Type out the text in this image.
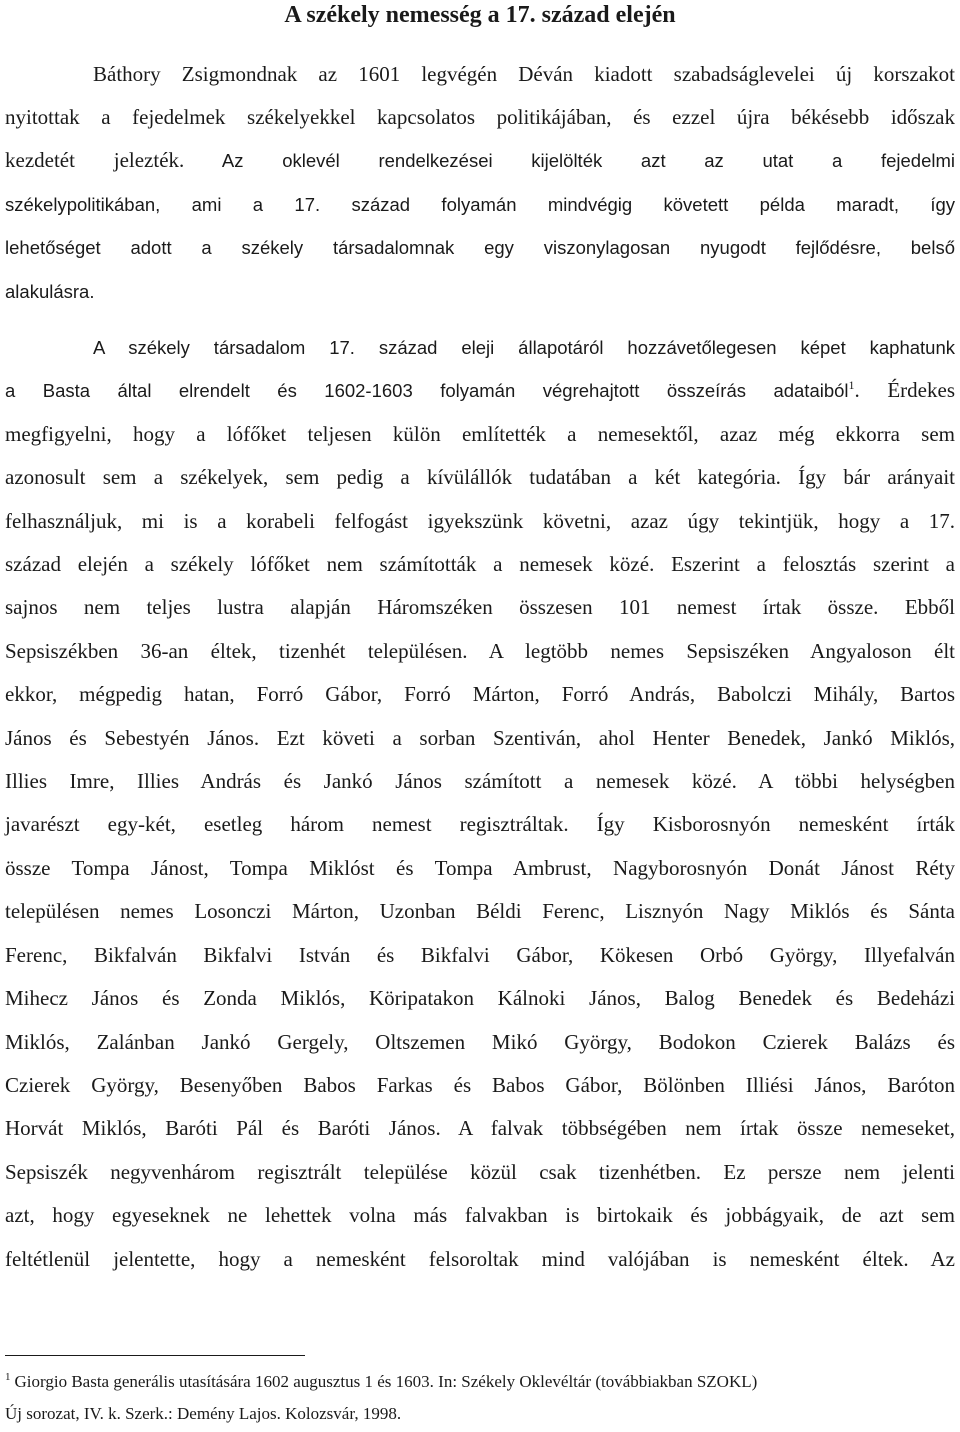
A székely nemesség a 17. század elején
Báthory Zsigmondnak az 1601 legvégén Déván kiadott szabadságlevelei új korszakot
nyitottak a fejedelmek székelyekkel kapcsolatos politikájában, és ezzel újra békésebb időszak
kezdetét jelezték. Az oklevél rendelkezései kijelölték azt az utat a fejedelmi
székelypolitikában, ami a 17. század folyamán mindvégig követett példa maradt, így
lehetőséget adott a székely társadalomnak egy viszonylagosan nyugodt fejlődésre, belső
alakulásra.
A székely társadalom 17. század eleji állapotáról hozzávetőlegesen képet kaphatunk
a Basta által elrendelt és 1602-1603 folyamán végrehajtott összeírás adataiból$^1$. Érdekes
megfigyelni, hogy a lófőket teljesen külön említették a nemesektől, azaz még ekkorra sem
azonosult sem a székelyek, sem pedig a kívülállók tudatában a két kategória. Így bár arányait
felhasználjuk, mi is a korabeli felfogást igyekszünk követni, azaz úgy tekintjük, hogy a 17.
század elején a székely lófőket nem számították a nemesek közé. Eszerint a felosztás szerint a
sajnos nem teljes lustra alapján Háromszéken összesen 101 nemest írtak össze. Ebből
Sepsiszékben 36-an éltek, tizenhét településen. A legtöbb nemes Sepsiszéken Angyaloson élt
ekkor, mégpedig hatan, Forró Gábor, Forró Márton, Forró András, Babolczi Mihály, Bartos
János és Sebestyén János. Ezt követi a sorban Szentiván, ahol Henter Benedek, Jankó Miklós,
Illies Imre, Illies András és Jankó János számított a nemesek közé. A többi helységben
javarészt egy-két, esetleg három nemest regisztráltak. Így Kisborosnyón nemesként írták
össze Tompa Jánost, Tompa Miklóst és Tompa Ambrust, Nagyborosnyón Donát Jánost Réty
településen nemes Losonczi Márton, Uzonban Béldi Ferenc, Lisznyón Nagy Miklós és Sánta
Ferenc, Bikfalván Bikfalvi István és Bikfalvi Gábor, Kökesen Orbó György, Illyefalván
Mihecz János és Zonda Miklós, Köripatakon Kálnoki János, Balog Benedek és Bedeházi
Miklós, Zalánban Jankó Gergely, Oltszemen Mikó György, Bodokon Czierek Balázs és
Czierek György, Besenyőben Babos Farkas és Babos Gábor, Bölönben Illiési János, Baróton
Horvát Miklós, Baróti Pál és Baróti János. A falvak többségében nem írtak össze nemeseket,
Sepsiszék negyvenhárom regisztrált települése közül csak tizenhétben. Ez persze nem jelenti
azt, hogy egyeseknek ne lehettek volna más falvakban is birtokaik és jobbágyaik, de azt sem
feltétlenül jelentette, hogy a nemesként felsoroltak mind valójában is nemesként éltek. Az
$^1$ Giorgio Basta generális utasítására 1602 augusztus 1 és 1603. In: Székely Oklevéltár (továbbiakban SZOKL)
Új sorozat, IV. k. Szerk.: Demény Lajos. Kolozsvár, 1998.
